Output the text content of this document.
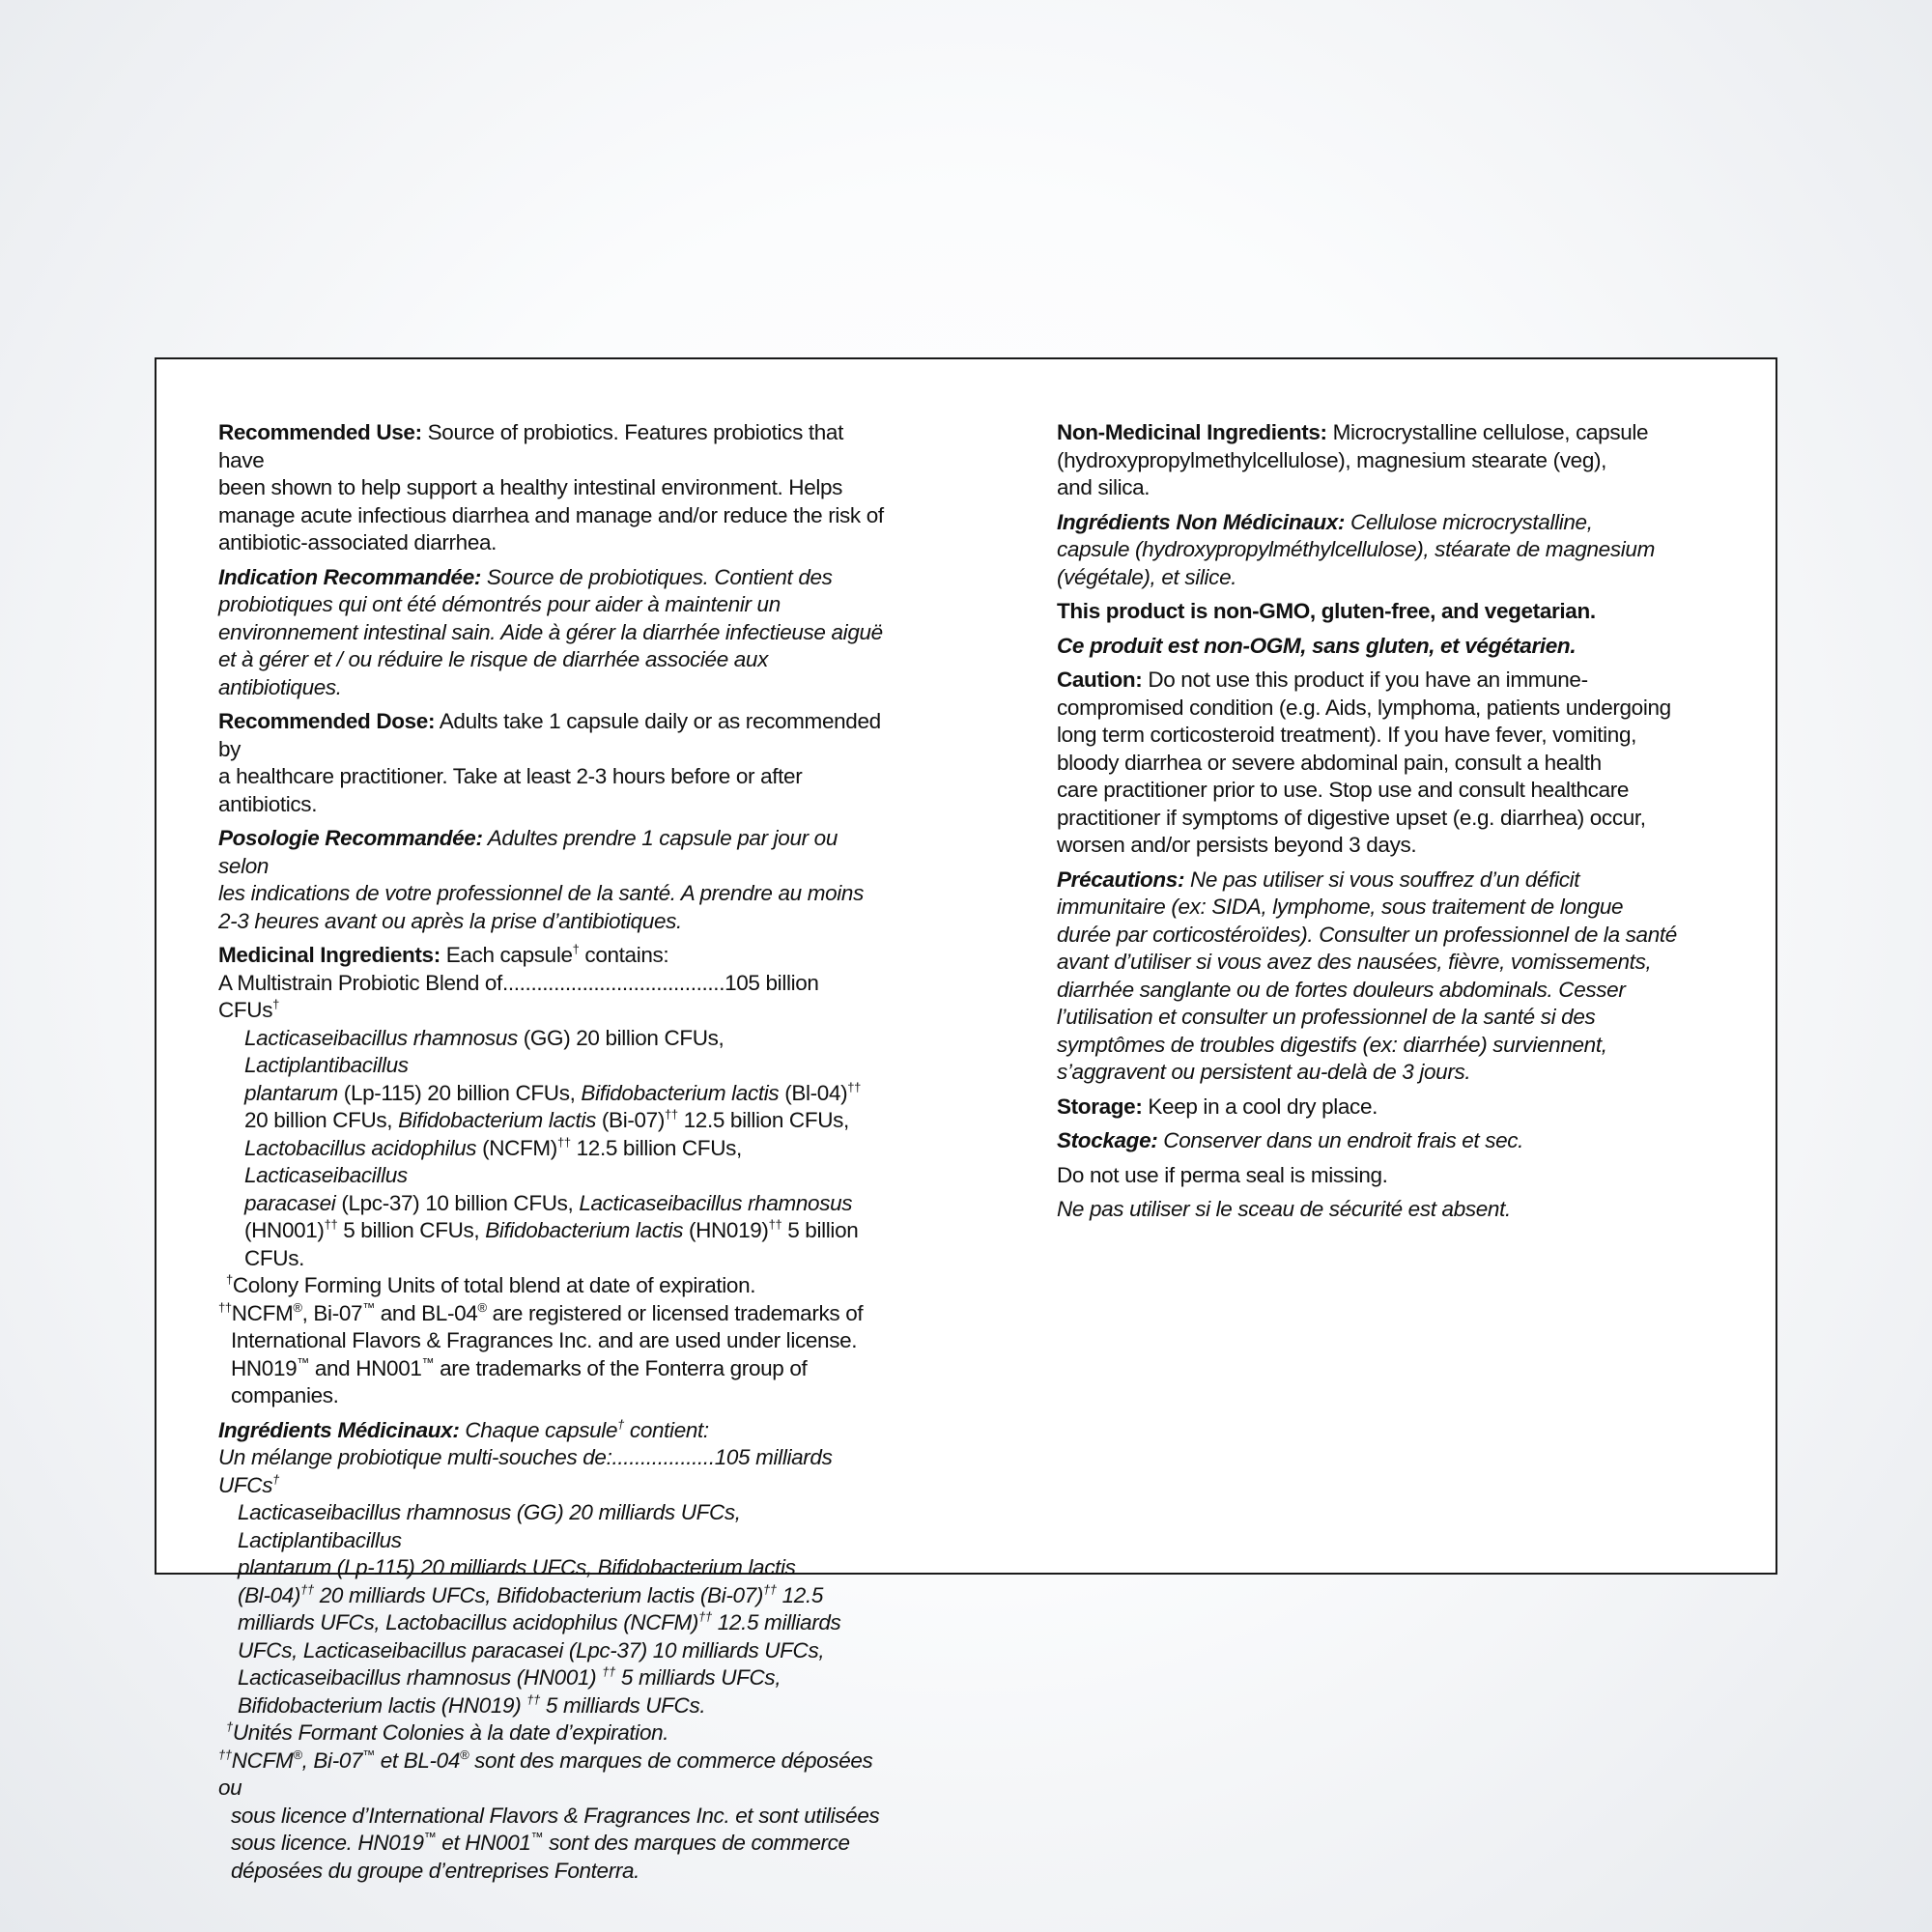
Recommended Use: Source of probiotics. Features probiotics that have
been shown to help support a healthy intestinal environment. Helps
manage acute infectious diarrhea and manage and/or reduce the risk of
antibiotic-associated diarrhea.
Indication Recommandée: Source de probiotiques. Contient des
probiotiques qui ont été démontrés pour aider à maintenir un
environnement intestinal sain. Aide à gérer la diarrhée infectieuse aiguë
et à gérer et / ou réduire le risque de diarrhée associée aux antibiotiques.
Recommended Dose: Adults take 1 capsule daily or as recommended by
a healthcare practitioner. Take at least 2-3 hours before or after antibiotics.
Posologie Recommandée: Adultes prendre 1 capsule par jour ou selon
les indications de votre professionnel de la santé. A prendre au moins
2-3 heures avant ou après la prise d’antibiotiques.
Medicinal Ingredients: Each capsule† contains:
A Multistrain Probiotic Blend of.......................................105 billion CFUs†
Lacticaseibacillus rhamnosus (GG) 20 billion CFUs, Lactiplantibacillus
plantarum (Lp-115) 20 billion CFUs, Bifidobacterium lactis (Bl-04)††
20 billion CFUs, Bifidobacterium lactis (Bi-07)†† 12.5 billion CFUs,
Lactobacillus acidophilus (NCFM)†† 12.5 billion CFUs, Lacticaseibacillus
paracasei (Lpc-37) 10 billion CFUs, Lacticaseibacillus rhamnosus
(HN001)†† 5 billion CFUs, Bifidobacterium lactis (HN019)†† 5 billion CFUs.
†Colony Forming Units of total blend at date of expiration.
††NCFM®, Bi-07™ and BL-04® are registered or licensed trademarks of
International Flavors & Fragrances Inc. and are used under license.
HN019™ and HN001™ are trademarks of the Fonterra group of companies.
Ingrédients Médicinaux: Chaque capsule† contient:
Un mélange probiotique multi-souches de:..................105 milliards UFCs†
Lacticaseibacillus rhamnosus (GG) 20 milliards UFCs, Lactiplantibacillus
plantarum (Lp-115) 20 milliards UFCs, Bifidobacterium lactis
(Bl-04)†† 20 milliards UFCs, Bifidobacterium lactis (Bi-07)†† 12.5
milliards UFCs, Lactobacillus acidophilus (NCFM)†† 12.5 milliards
UFCs, Lacticaseibacillus paracasei (Lpc-37) 10 milliards UFCs,
Lacticaseibacillus rhamnosus (HN001) †† 5 milliards UFCs,
Bifidobacterium lactis (HN019) †† 5 milliards UFCs.
†Unités Formant Colonies à la date d’expiration.
††NCFM®, Bi-07™ et BL-04® sont des marques de commerce déposées ou
sous licence d’International Flavors & Fragrances Inc. et sont utilisées
sous licence. HN019™ et HN001™ sont des marques de commerce
déposées du groupe d’entreprises Fonterra.
Non-Medicinal Ingredients: Microcrystalline cellulose, capsule
(hydroxypropylmethylcellulose), magnesium stearate (veg),
and silica.
Ingrédients Non Médicinaux: Cellulose microcrystalline,
capsule (hydroxypropylméthylcellulose), stéarate de magnesium
(végétale), et silice.
This product is non-GMO, gluten-free, and vegetarian.
Ce produit est non-OGM, sans gluten, et végétarien.
Caution: Do not use this product if you have an immune-
compromised condition (e.g. Aids, lymphoma, patients undergoing
long term corticosteroid treatment). If you have fever, vomiting,
bloody diarrhea or severe abdominal pain, consult a health
care practitioner prior to use. Stop use and consult healthcare
practitioner if symptoms of digestive upset (e.g. diarrhea) occur,
worsen and/or persists beyond 3 days.
Précautions: Ne pas utiliser si vous souffrez d’un déficit
immunitaire (ex: SIDA, lymphome, sous traitement de longue
durée par corticostéroïdes). Consulter un professionnel de la santé
avant d’utiliser si vous avez des nausées, fièvre, vomissements,
diarrhée sanglante ou de fortes douleurs abdominals. Cesser
l’utilisation et consulter un professionnel de la santé si des
symptômes de troubles digestifs (ex: diarrhée) surviennent,
s’aggravent ou persistent au-delà de 3 jours.
Storage: Keep in a cool dry place.
Stockage: Conserver dans un endroit frais et sec.
Do not use if perma seal is missing.
Ne pas utiliser si le sceau de sécurité est absent.
